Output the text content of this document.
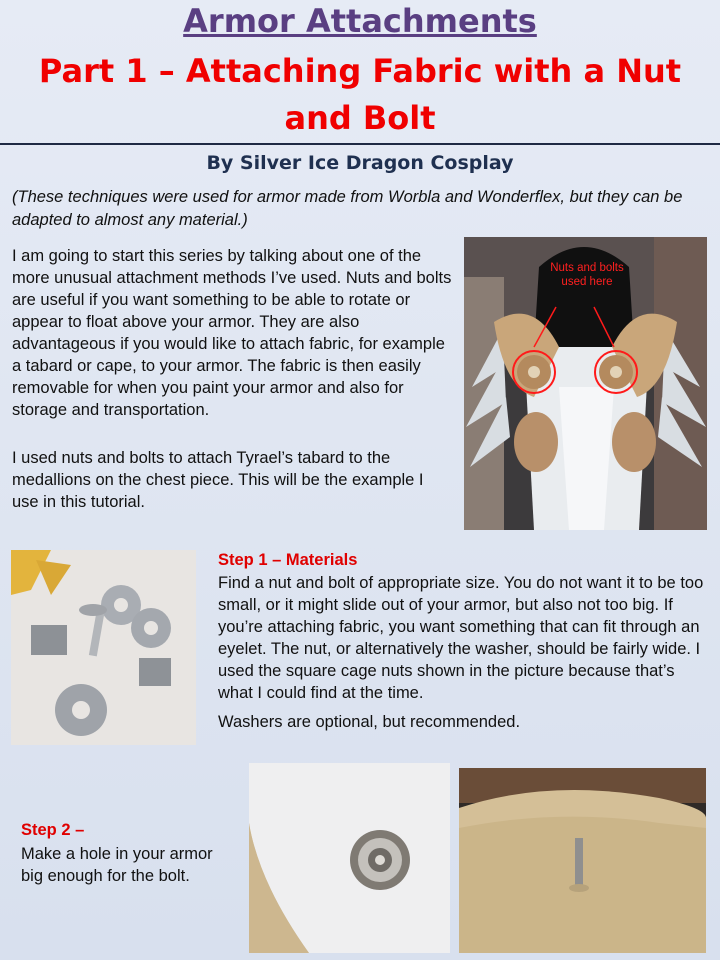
Armor Attachments
Part 1 – Attaching Fabric with a Nut and Bolt
By Silver Ice Dragon Cosplay
(These techniques were used for armor made from Worbla and Wonderflex, but they can be adapted to almost any material.)
I am going to start this series by talking about one of the more unusual attachment methods I’ve used. Nuts and bolts are useful if you want something to be able to rotate or appear to float above your armor. They are also advantageous if you would like to attach fabric, for example a tabard or cape, to your armor. The fabric is then easily removable for when you paint your armor and also for storage and transportation.
I used nuts and bolts to attach Tyrael’s tabard to the medallions on the chest piece. This will be the example I use in this tutorial.
Nuts and bolts used here
Step 1 – Materials
Find a nut and bolt of appropriate size. You do not want it to be too small, or it might slide out of your armor, but also not too big. If you’re attaching fabric, you want something that can fit through an eyelet. The nut, or alternatively the washer, should be fairly wide. I used the square cage nuts shown in the picture because that’s what I could find at the time.
Washers are optional, but recommended.
Step 2 –
Make a hole in your armor big enough for the bolt.
